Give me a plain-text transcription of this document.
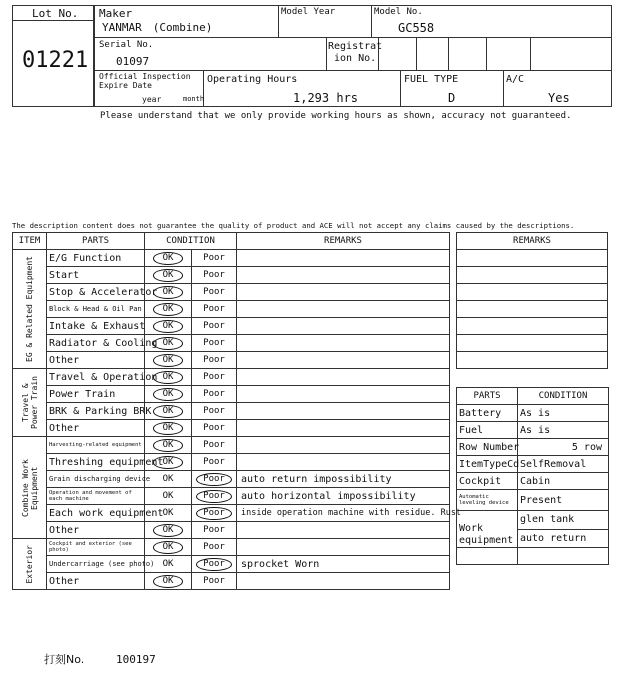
Lot No.
01221
Maker
YANMAR　(Combine)
Model Year	Model No.
GC558
Serial No.
01097
Registrat
ion No.
Official Inspection
Expire Date
year	month
Operating Hours
1,293 hrs
FUEL TYPE
D
A/C
Yes
Please understand that we only provide working hours as shown, accuracy not guaranteed.
The description content does not guarantee the quality of product and ACE will not accept any claims caused by the descriptions.
ITEM	PARTS	CONDITION		REMARKS

EG & Related Equipment	E/G Function	OK	Poor	
	Start	OK	Poor	
	Stop & Accelerator	OK	Poor	
	Block & Head & Oil Pan	OK	Poor	
	Intake & Exhaust	OK	Poor	
	Radiator & Cooling	OK	Poor	
	Other	OK	Poor	

Travel & Power Train	Travel & Operation	OK	Poor	
	Power Train	OK	Poor	
	BRK & Parking BRK	OK	Poor	
	Other	OK	Poor	

Combine Work Equipment	Harvesting-related equipment	OK	Poor	
	Threshing equipment	OK	Poor	
	Grain discharging device	OK	Poor	auto return impossibility
	Operation and movement of each machine	OK	Poor	auto horizontal impossibility
	Each work equipment	OK	Poor	inside operation machine with residue. Rust
	Other	OK	Poor	

Exterior	Cockpit and exterior (see photo)	OK	Poor	
	Undercarriage (see photo)	OK	Poor	sprocket Worn
	Other	OK	Poor	
REMARKS

PARTS	CONDITION
Battery	As is
Fuel	As is
Row Number	5 row
ItemTypeCd	SelfRemoval
Cockpit	Cabin
Automatic leveling device	Present
Work equipment	glen tank
	auto return

打刻No.	100197
